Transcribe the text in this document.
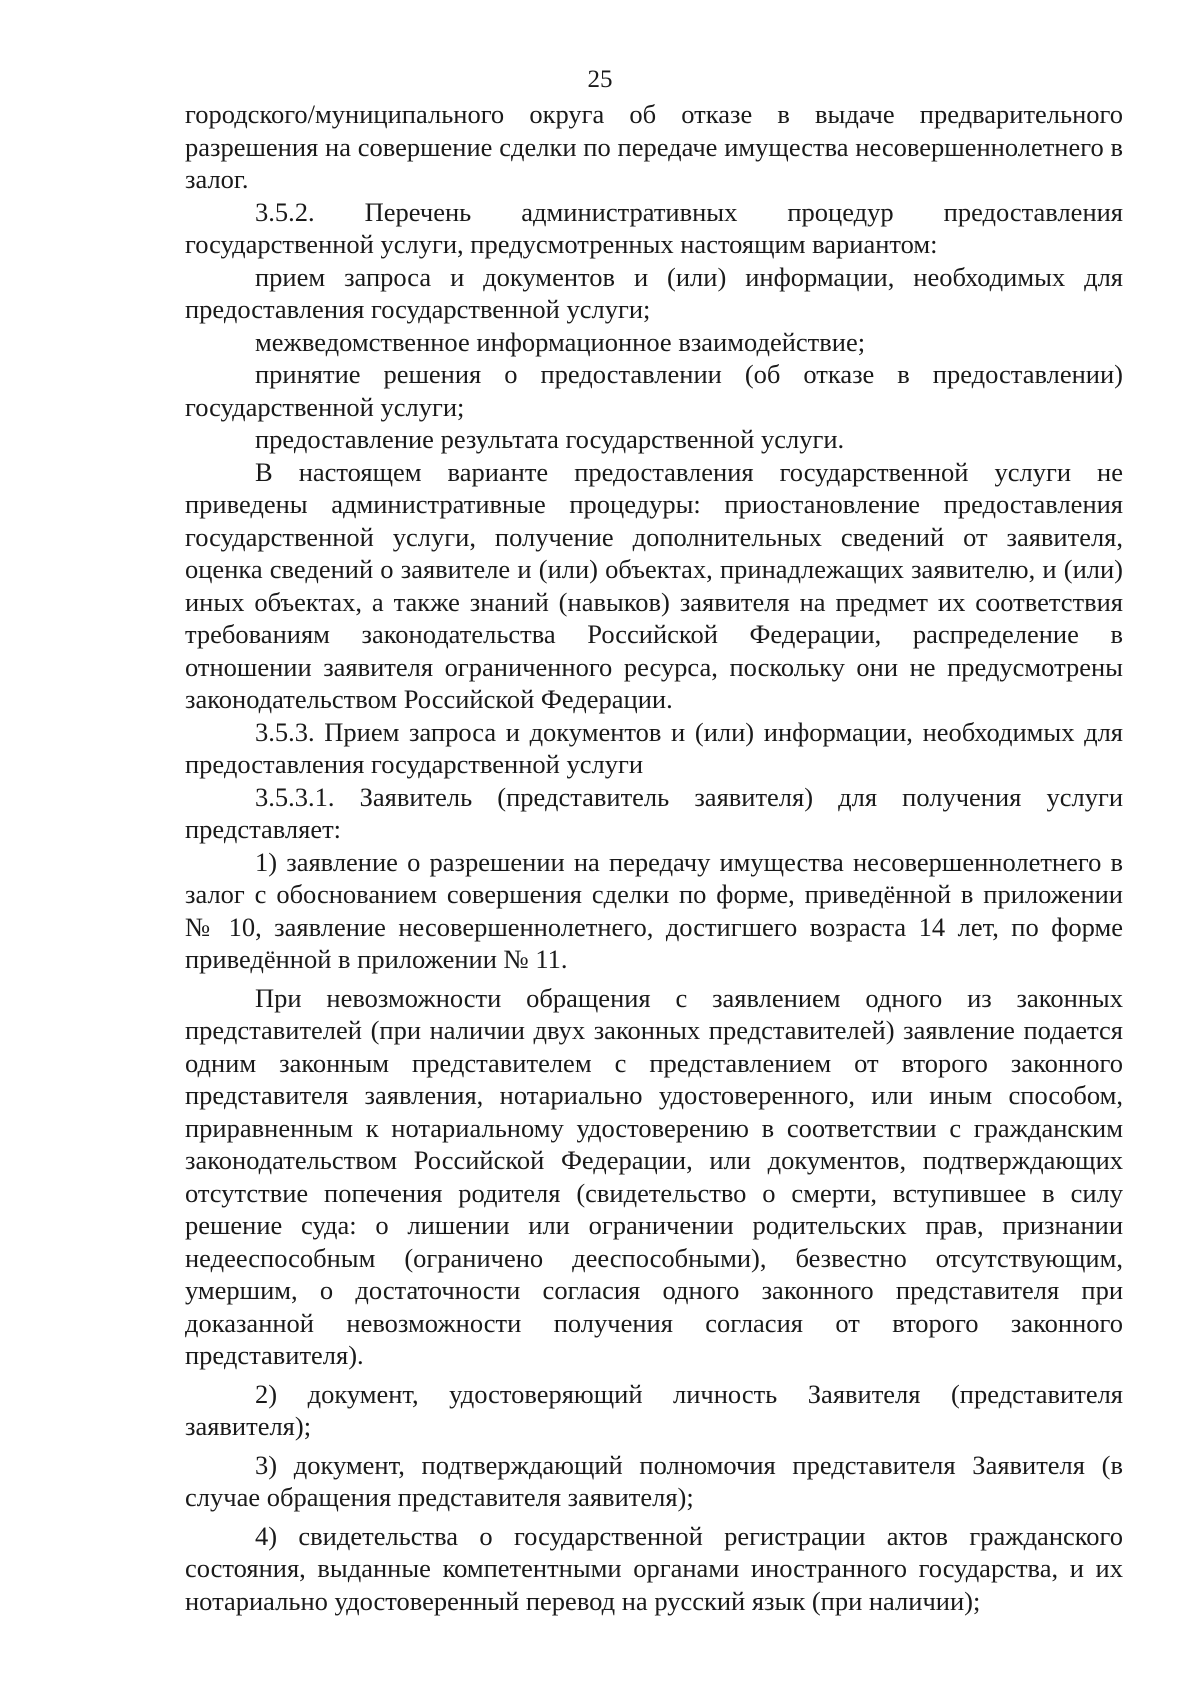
25

городского/муниципального округа об отказе в выдаче предварительного разрешения на совершение сделки по передаче имущества несовершеннолетнего в залог.

3.5.2. Перечень административных процедур предоставления государственной услуги, предусмотренных настоящим вариантом:

прием запроса и документов и (или) информации, необходимых для предоставления государственной услуги;

межведомственное информационное взаимодействие;

принятие решения о предоставлении (об отказе в предоставлении) государственной услуги;

предоставление результата государственной услуги.

В настоящем варианте предоставления государственной услуги не приведены административные процедуры: приостановление предоставления государственной услуги, получение дополнительных сведений от заявителя, оценка сведений о заявителе и (или) объектах, принадлежащих заявителю, и (или) иных объектах, а также знаний (навыков) заявителя на предмет их соответствия требованиям законодательства Российской Федерации, распределение в отношении заявителя ограниченного ресурса, поскольку они не предусмотрены законодательством Российской Федерации.

3.5.3. Прием запроса и документов и (или) информации, необходимых для предоставления государственной услуги

3.5.3.1. Заявитель (представитель заявителя) для получения услуги представляет:

1) заявление о разрешении на передачу имущества несовершеннолетнего в залог с обоснованием совершения сделки по форме, приведённой в приложении № 10, заявление несовершеннолетнего, достигшего возраста 14 лет, по форме приведённой в приложении № 11.

При невозможности обращения с заявлением одного из законных представителей (при наличии двух законных представителей) заявление подается одним законным представителем с представлением от второго законного представителя заявления, нотариально удостоверенного, или иным способом, приравненным к нотариальному удостоверению в соответствии с гражданским законодательством Российской Федерации, или документов, подтверждающих отсутствие попечения родителя (свидетельство о смерти, вступившее в силу решение суда: о лишении или ограничении родительских прав, признании недееспособным (ограничено дееспособными), безвестно отсутствующим, умершим, о достаточности согласия одного законного представителя при доказанной невозможности получения согласия от второго законного представителя).

2) документ, удостоверяющий личность Заявителя (представителя заявителя);

3) документ, подтверждающий полномочия представителя Заявителя (в случае обращения представителя заявителя);

4) свидетельства о государственной регистрации актов гражданского состояния, выданные компетентными органами иностранного государства, и их нотариально удостоверенный перевод на русский язык (при наличии);
